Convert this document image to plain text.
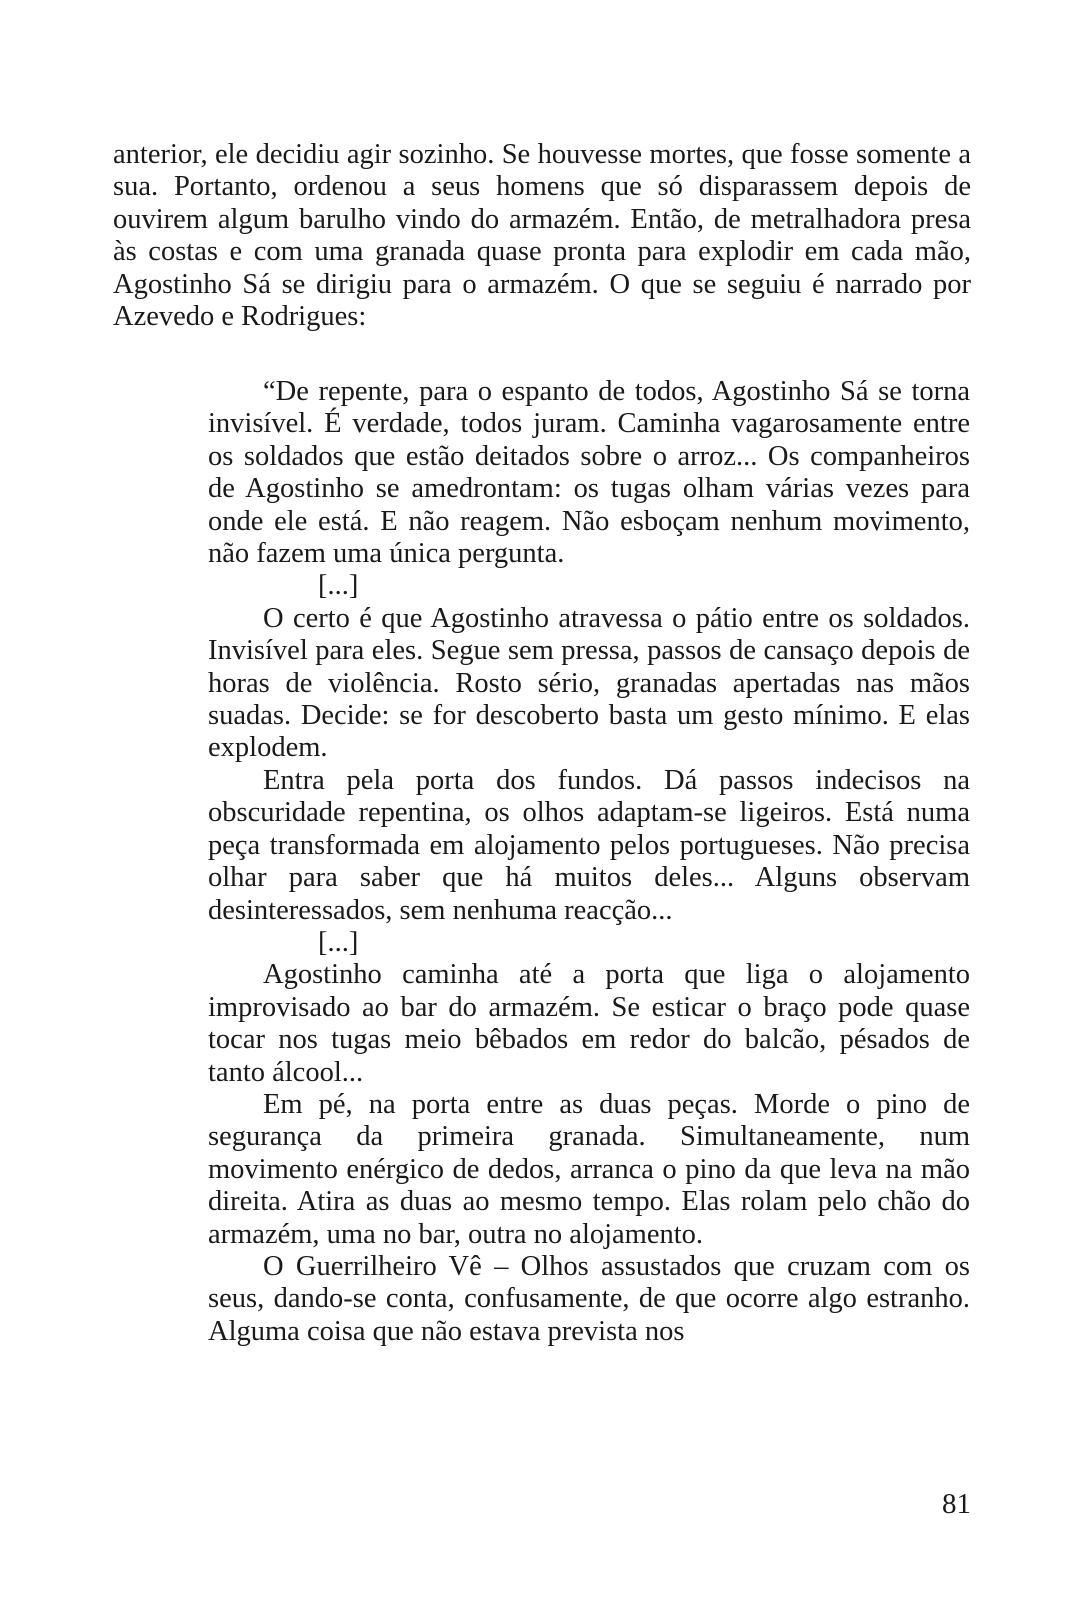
anterior, ele decidiu agir sozinho. Se houvesse mortes, que fosse somente a sua. Portanto, ordenou a seus homens que só disparassem depois de ouvirem algum barulho vindo do armazém. Então, de metralhadora presa às costas e com uma granada quase pronta para explodir em cada mão, Agostinho Sá se dirigiu para o armazém. O que se seguiu é narrado por Azevedo e Rodrigues:

“De repente, para o espanto de todos, Agostinho Sá se torna invisível. É verdade, todos juram. Caminha vagarosamente entre os soldados que estão deitados sobre o arroz... Os companheiros de Agostinho se amedrontam: os tugas olham várias vezes para onde ele está. E não reagem. Não esboçam nenhum movimento, não fazem uma única pergunta.

[...]

O certo é que Agostinho atravessa o pátio entre os soldados. Invisível para eles. Segue sem pressa, passos de cansaço depois de horas de violência. Rosto sério, granadas apertadas nas mãos suadas. Decide: se for descoberto basta um gesto mínimo. E elas explodem.

Entra pela porta dos fundos. Dá passos indecisos na obscuridade repentina, os olhos adaptam-se ligeiros. Está numa peça transformada em alojamento pelos portugueses. Não precisa olhar para saber que há muitos deles... Alguns observam desinteressados, sem nenhuma reacção...

[...]

Agostinho caminha até a porta que liga o alojamento improvisado ao bar do armazém. Se esticar o braço pode quase tocar nos tugas meio bêbados em redor do balcão, pésados de tanto álcool...

Em pé, na porta entre as duas peças. Morde o pino de segurança da primeira granada. Simultaneamente, num movimento enérgico de dedos, arranca o pino da que leva na mão direita. Atira as duas ao mesmo tempo. Elas rolam pelo chão do armazém, uma no bar, outra no alojamento.

O Guerrilheiro Vê – Olhos assustados que cruzam com os seus, dando-se conta, confusamente, de que ocorre algo estranho. Alguma coisa que não estava prevista nos

81
